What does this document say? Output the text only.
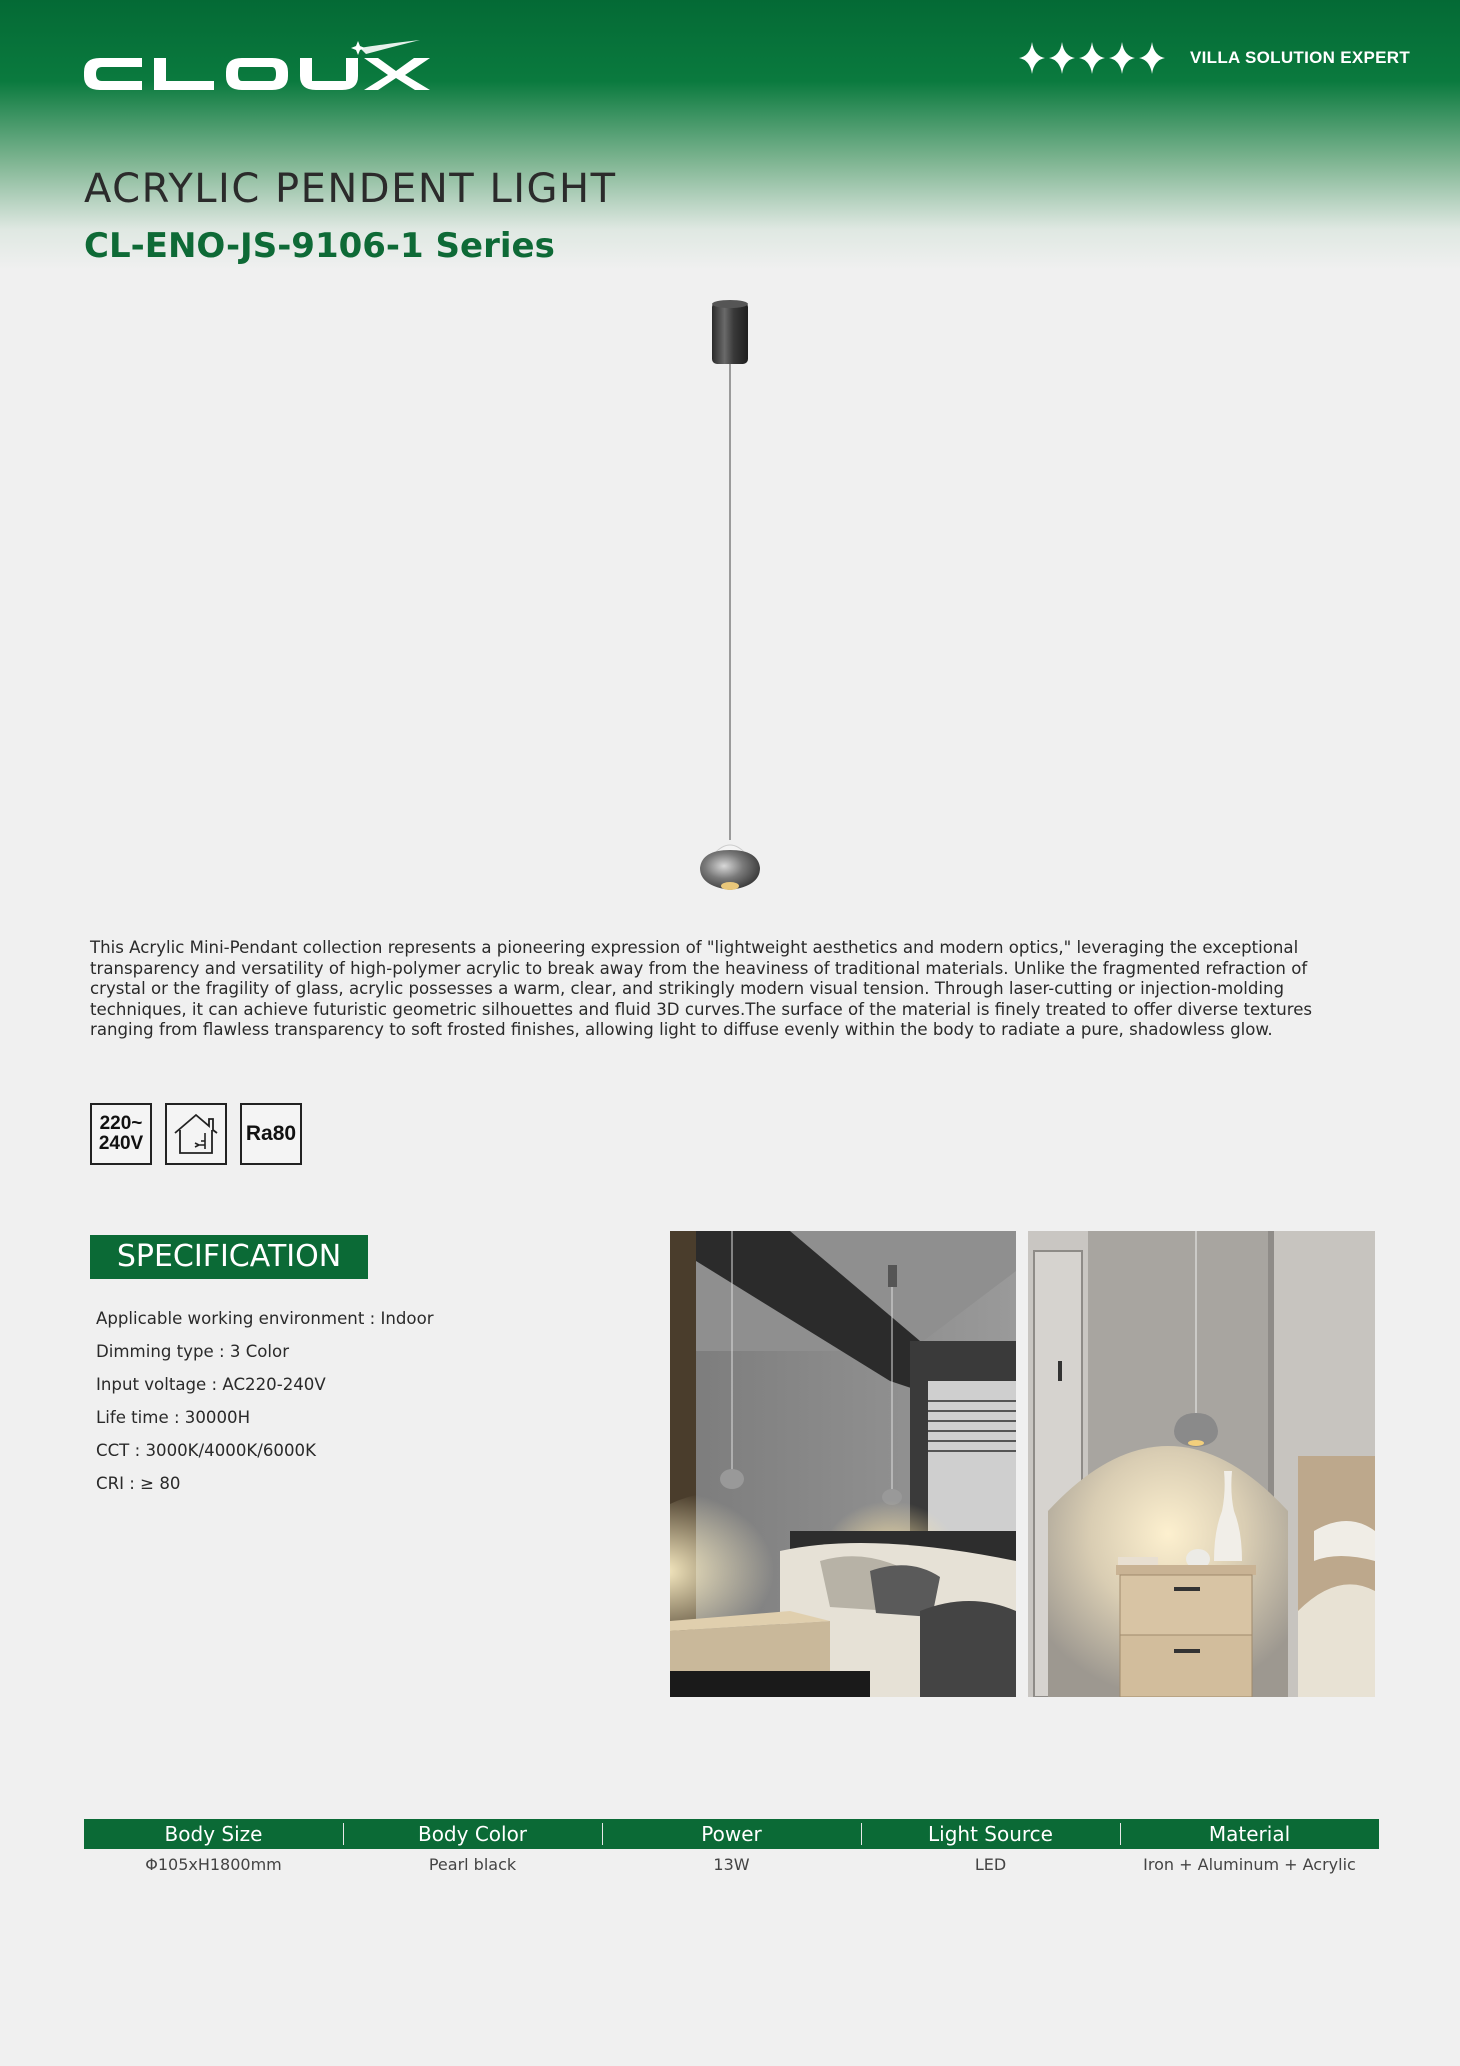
VILLA SOLUTION EXPERT
ACRYLIC PENDENT LIGHT
CL-ENO-JS-9106-1 Series

This Acrylic Mini-Pendant collection represents a pioneering expression of "lightweight aesthetics and modern optics," leveraging the exceptional transparency and versatility of high-polymer acrylic to break away from the heaviness of traditional materials. Unlike the fragmented refraction of crystal or the fragility of glass, acrylic possesses a warm, clear, and strikingly modern visual tension. Through laser-cutting or injection-molding techniques, it can achieve futuristic geometric silhouettes and fluid 3D curves.The surface of the material is finely treated to offer diverse textures ranging from flawless transparency to soft frosted finishes, allowing light to diffuse evenly within the body to radiate a pure, shadowless glow.

220~
240V	Ra80
SPECIFICATION
Applicable working environment : Indoor
Dimming type : 3 Color
Input voltage : AC220-240V
Life time : 30000H
CCT : 3000K/4000K/6000K
CRI : ≥ 80
Body Size	Body Color	Power	Light Source	Material
Φ105xH1800mm	Pearl black	13W	LED	Iron + Aluminum + Acrylic
